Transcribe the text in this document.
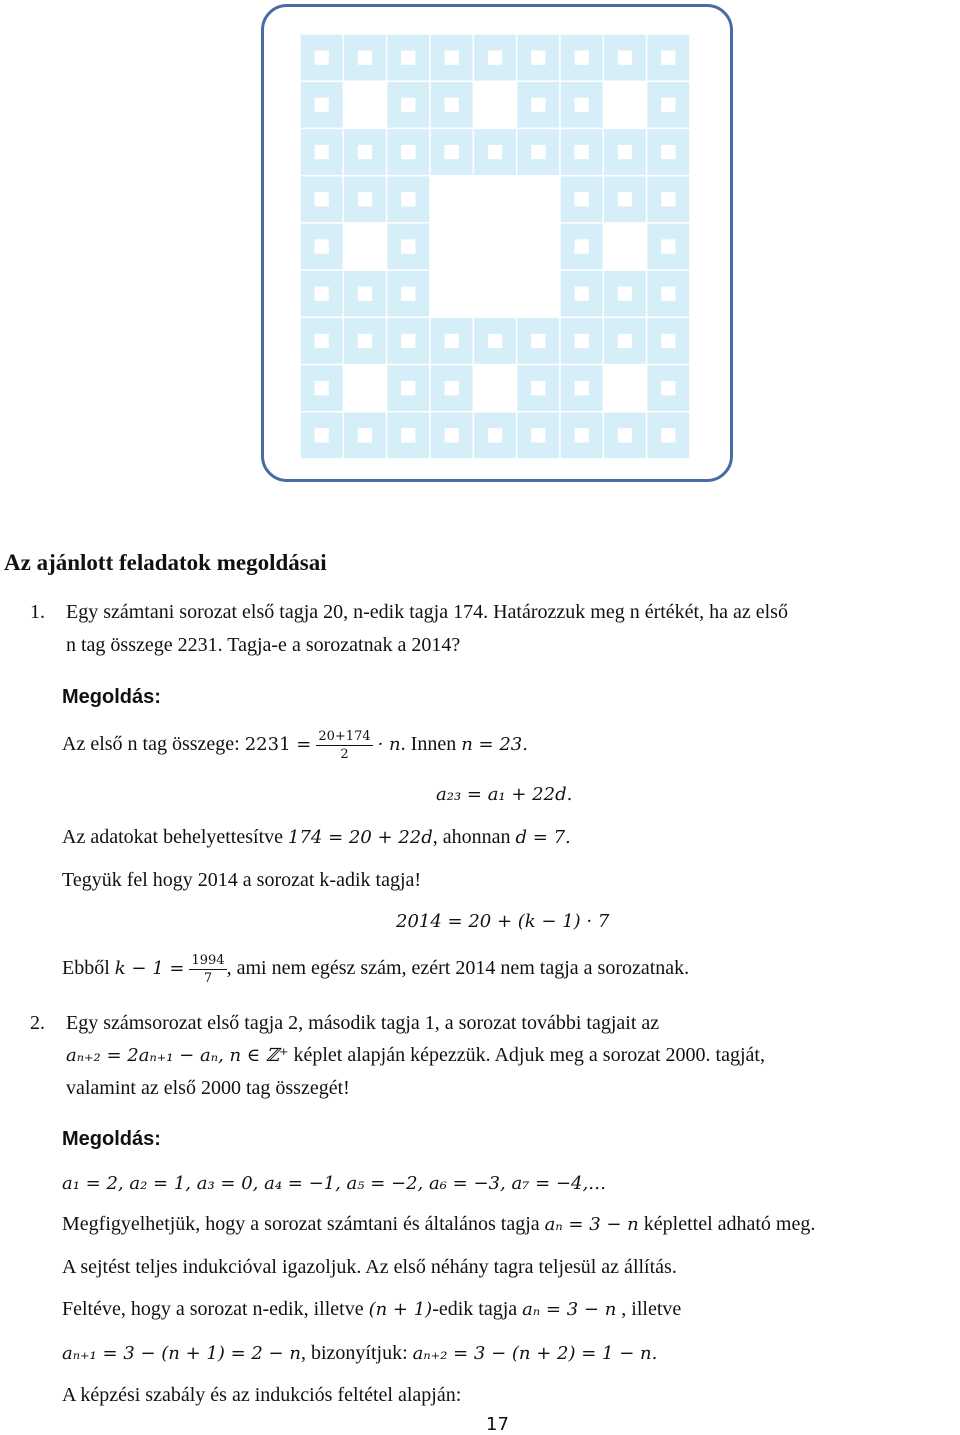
Az ajánlott feladatok megoldásai
1. Egy számtani sorozat első tagja 20, n-edik tagja 174. Határozzuk meg n értékét, ha az első
n tag összege 2231. Tagja-e a sorozatnak a 2014?
Megoldás:
Az első n tag összege: $2231 = \frac{20+174}{2} \cdot n$. Innen n = 23.
a₂₃ = a₁ + 22d.
Az adatokat behelyettesítve 174 = 20 + 22d, ahonnan d = 7.
Tegyük fel hogy 2014 a sorozat k-adik tagja!
2014 = 20 + (k − 1) · 7
Ebből $k - 1 = \frac{1994}{7}$ , ami nem egész szám, ezért 2014 nem tagja a sorozatnak.
2. Egy számsorozat első tagja 2, második tagja 1, a sorozat további tagjait az
aₙ₊₂ = 2aₙ₊₁ − aₙ, n ∈ ℤ⁺ képlet alapján képezzük. Adjuk meg a sorozat 2000. tagját,
valamint az első 2000 tag összegét!
Megoldás:
a₁ = 2, a₂ = 1, a₃ = 0, a₄ = −1, a₅ = −2, a₆ = −3, a₇ = −4,…
Megfigyelhetjük, hogy a sorozat számtani és általános tagja aₙ = 3 − n képlettel adható meg.
A sejtést teljes indukcióval igazoljuk. Az első néhány tagra teljesül az állítás.
Feltéve, hogy a sorozat n-edik, illetve (n + 1)-edik tagja aₙ = 3 − n , illetve
aₙ₊₁ = 3 − (n + 1) = 2 − n, bizonyítjuk: aₙ₊₂ = 3 − (n + 2) = 1 − n.
A képzési szabály és az indukciós feltétel alapján:
17
